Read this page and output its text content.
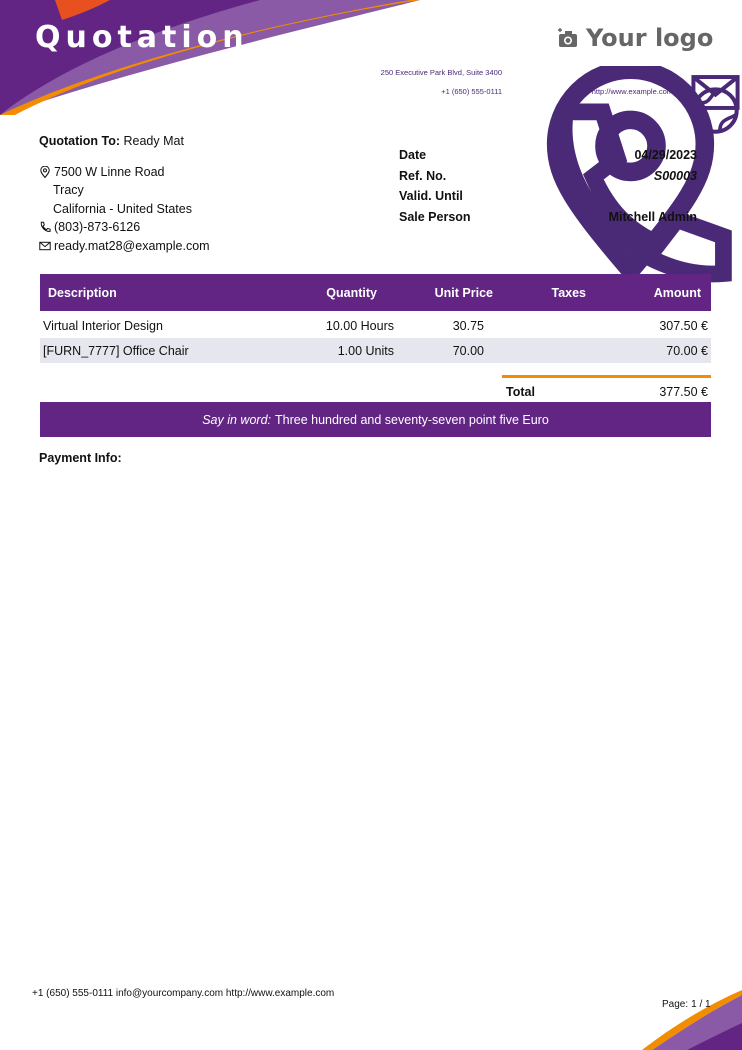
Quotation	Your logo
250 Executive Park Blvd, Suite 3400
+1 (650) 555-0111
info@yourcompany.com
http://www.example.com
Quotation To:
Ready Mat
7500 W Linne Road
Tracy
California - United States
(803)-873-6126
ready.mat28@example.com
Date	04/29/2023
Ref. No.	S00003
Valid. Until
Sale Person	Mitchell Admin
Description	Quantity	Unit Price	Taxes	Amount
Virtual Interior Design	10.00 Hours	30.75		307.50 €
[FURN_7777] Office Chair	1.00 Units	70.00		70.00 €
Total	377.50 €
Say in word: Three hundred and seventy-seven point five Euro
Payment Info:
+1 (650) 555-0111 info@yourcompany.com http://www.example.com
Page: 1 / 1
